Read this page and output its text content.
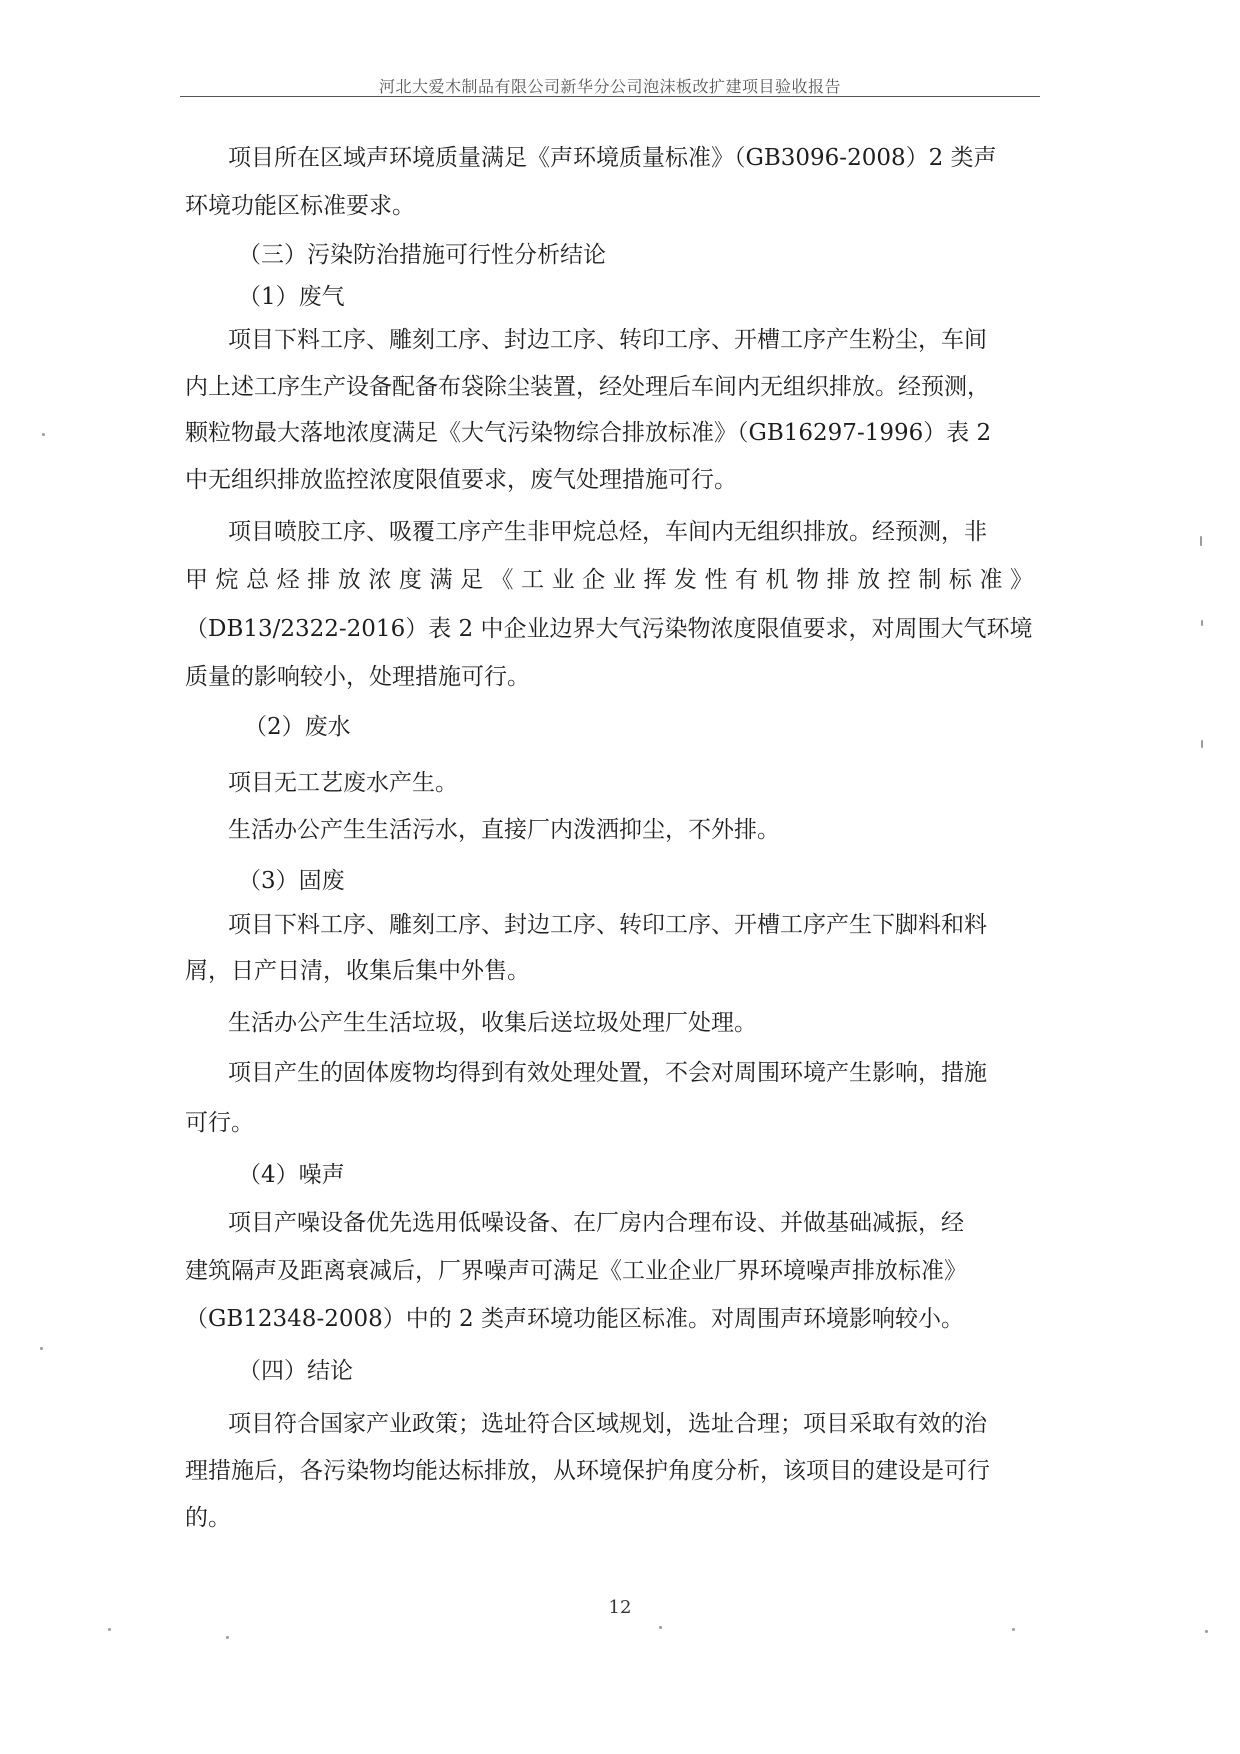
河北大爱木制品有限公司新华分公司泡沫板改扩建项目验收报告
项目所在区域声环境质量满足《声环境质量标准》（GB3096-2008）2 类声
环境功能区标准要求。
（三）污染防治措施可行性分析结论
（1）废气
项目下料工序、雕刻工序、封边工序、转印工序、开槽工序产生粉尘，车间
内上述工序生产设备配备布袋除尘装置，经处理后车间内无组织排放。经预测，
颗粒物最大落地浓度满足《大气污染物综合排放标准》（GB16297-1996）表 2
中无组织排放监控浓度限值要求，废气处理措施可行。
项目喷胶工序、吸覆工序产生非甲烷总烃，车间内无组织排放。经预测，非
甲烷总烃排放浓度满足《工业企业挥发性有机物排放控制标准》
（DB13/2322-2016）表 2 中企业边界大气污染物浓度限值要求，对周围大气环境
质量的影响较小，处理措施可行。
（2）废水
项目无工艺废水产生。
生活办公产生生活污水，直接厂内泼洒抑尘，不外排。
（3）固废
项目下料工序、雕刻工序、封边工序、转印工序、开槽工序产生下脚料和料
屑，日产日清，收集后集中外售。
生活办公产生生活垃圾，收集后送垃圾处理厂处理。
项目产生的固体废物均得到有效处理处置，不会对周围环境产生影响，措施
可行。
（4）噪声
项目产噪设备优先选用低噪设备、在厂房内合理布设、并做基础减振，经
建筑隔声及距离衰减后，厂界噪声可满足《工业企业厂界环境噪声排放标准》
（GB12348-2008）中的 2 类声环境功能区标准。对周围声环境影响较小。
（四）结论
项目符合国家产业政策；选址符合区域规划，选址合理；项目采取有效的治
理措施后，各污染物均能达标排放，从环境保护角度分析，该项目的建设是可行
的。
12
